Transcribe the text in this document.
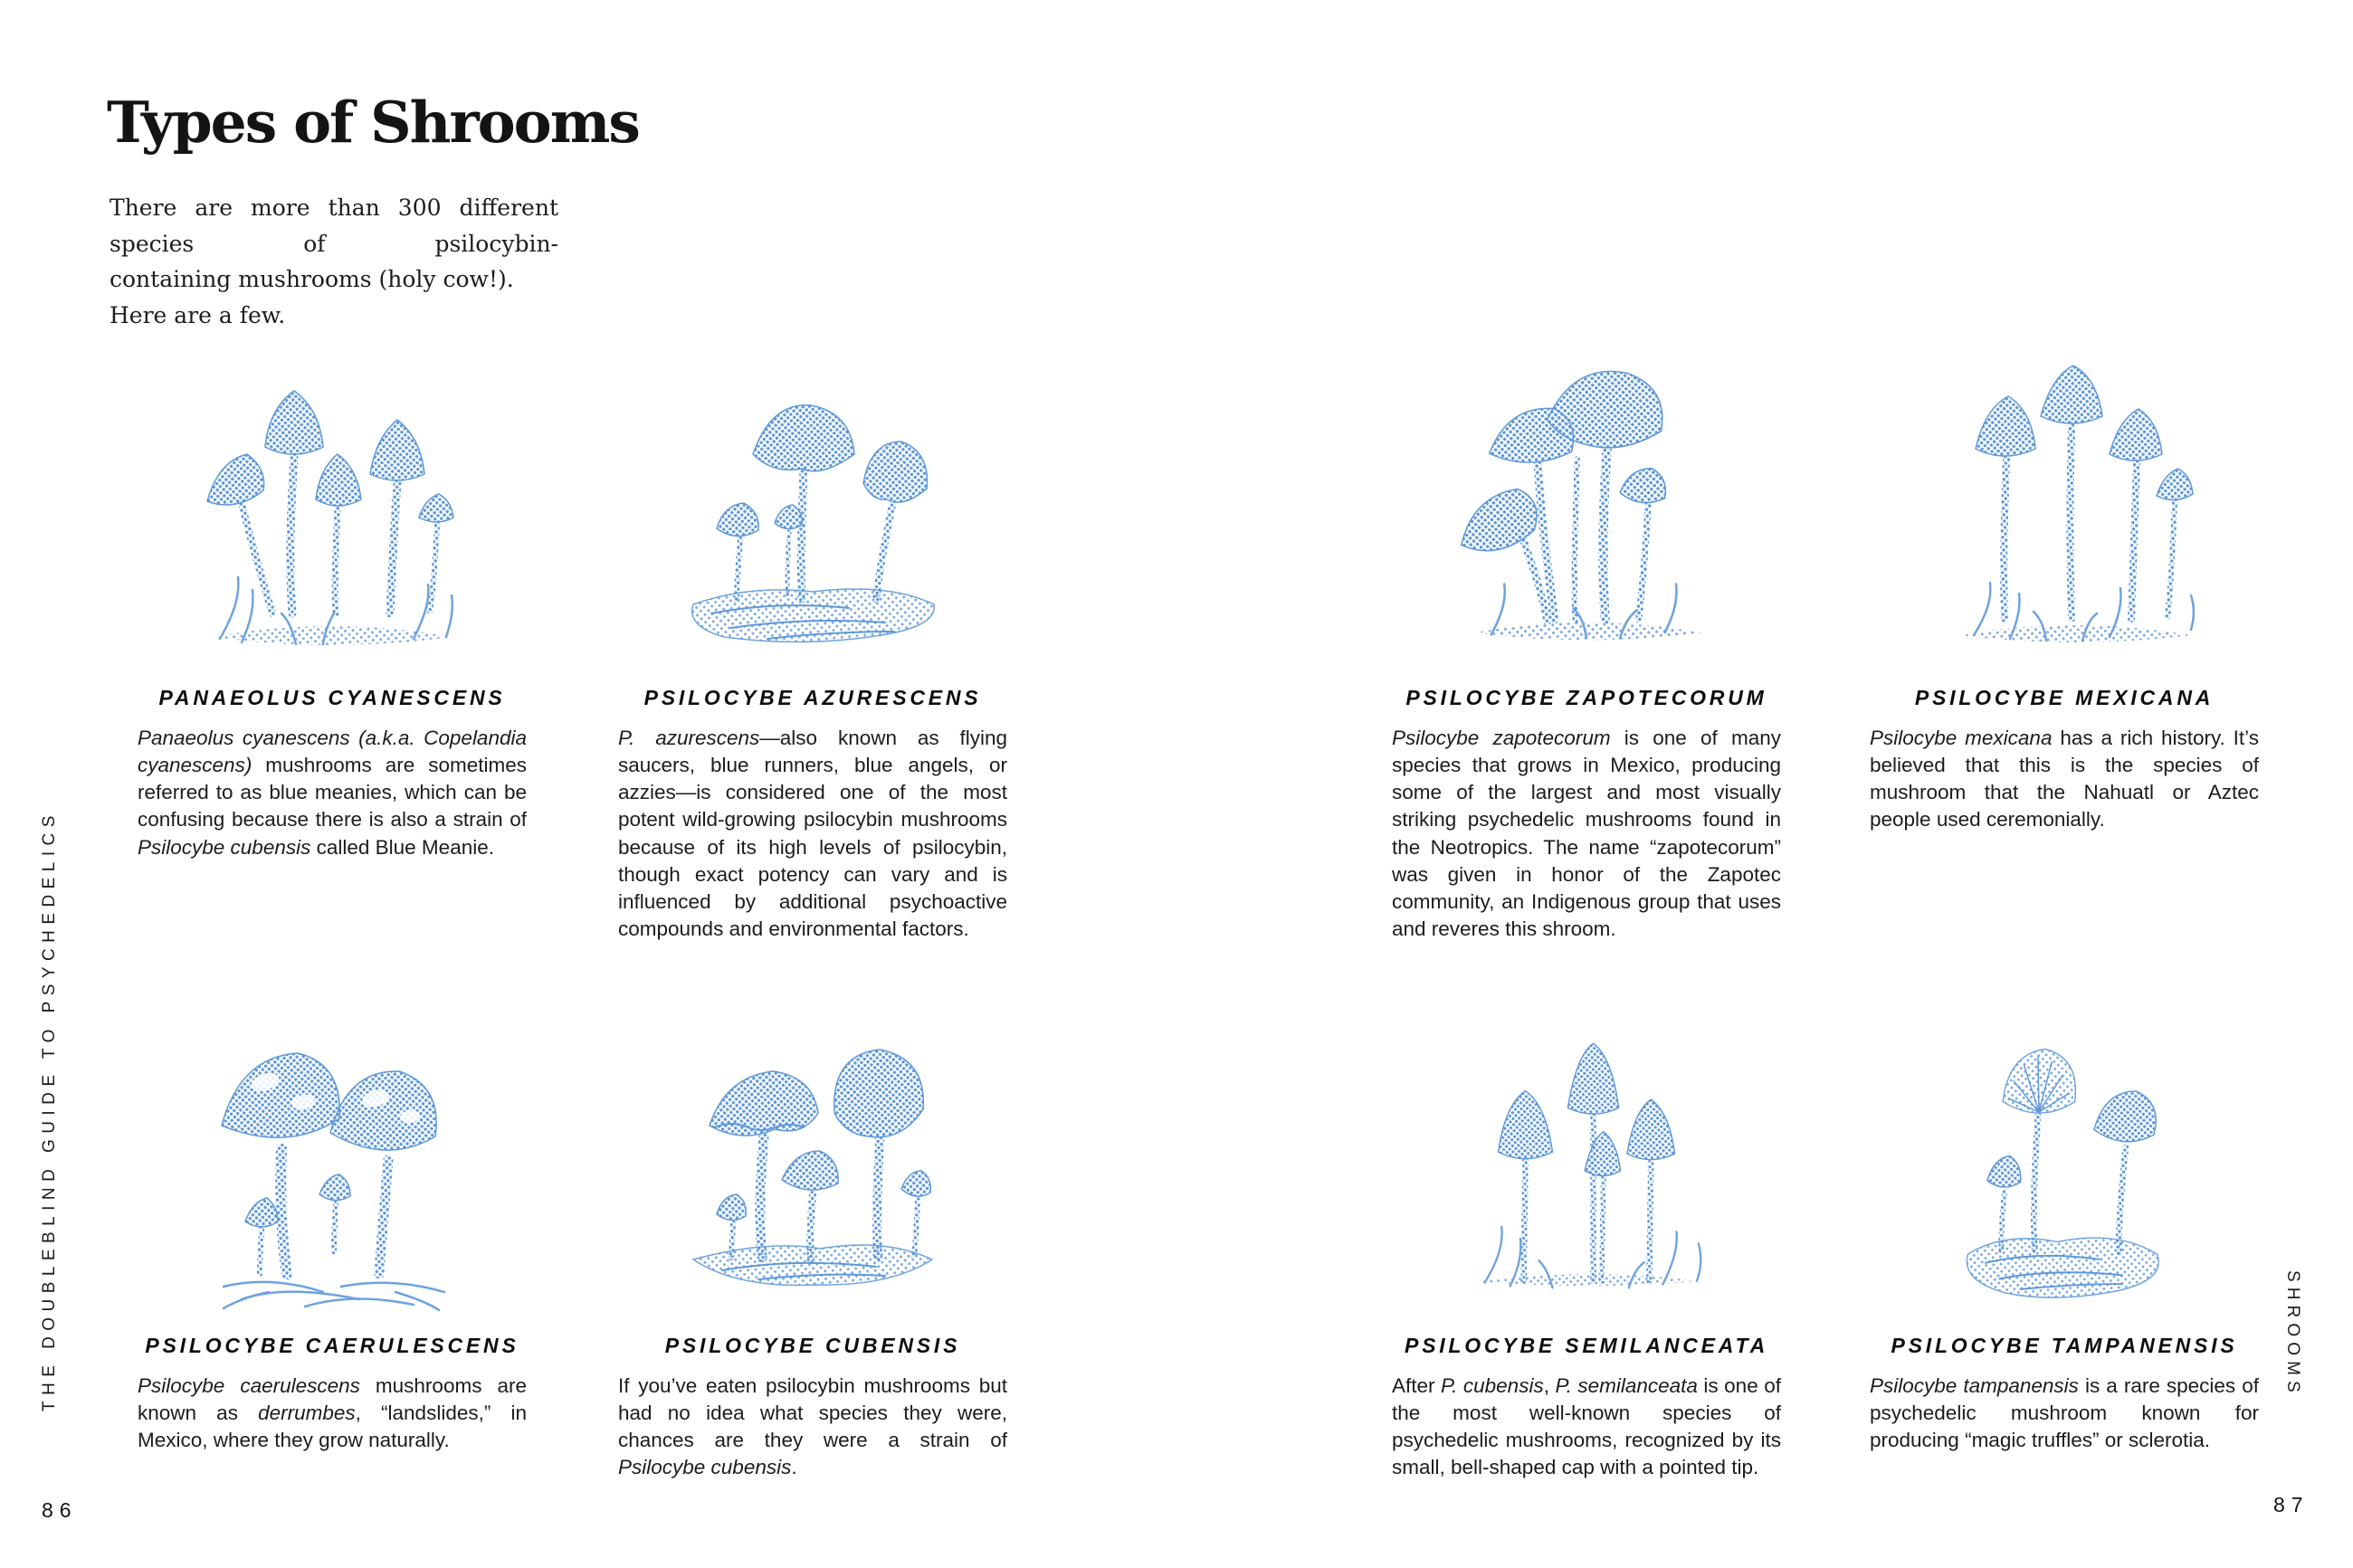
Types of Shrooms
There are more than 300 different species of psilocybin-
containing mushrooms (holy cow!). Here are a few.
PANAEOLUS CYANESCENS
Panaeolus cyanescens (a.k.a. Copelandia cyanescens) mushrooms are sometimes referred to as blue meanies, which can be confusing because there is also a strain of Psilocybe cubensis called Blue Meanie.
PSILOCYBE AZURESCENS
P. azurescens—also known as flying saucers, blue runners, blue angels, or azzies—is considered one of the most potent wild-growing psilocybin mushrooms because of its high levels of psilocybin, though exact potency can vary and is influenced by additional psychoactive compounds and environmental factors.
PSILOCYBE ZAPOTECORUM
Psilocybe zapotecorum is one of many species that grows in Mexico, producing some of the largest and most visually striking psychedelic mushrooms found in the Neotropics. The name “zapotecorum” was given in honor of the Zapotec community, an Indigenous group that uses and reveres this shroom.
PSILOCYBE MEXICANA
Psilocybe mexicana has a rich history. It’s believed that this is the species of mushroom that the Nahuatl or Aztec people used ceremonially.
PSILOCYBE CAERULESCENS
Psilocybe caerulescens mushrooms are known as derrumbes, “landslides,” in Mexico, where they grow naturally.
PSILOCYBE CUBENSIS
If you’ve eaten psilocybin mushrooms but had no idea what species they were, chances are they were a strain of Psilocybe cubensis.
PSILOCYBE SEMILANCEATA
After P. cubensis, P. semilanceata is one of the most well-known species of psychedelic mushrooms, recognized by its small, bell-shaped cap with a pointed tip.
PSILOCYBE TAMPANENSIS
Psilocybe tampanensis is a rare species of psychedelic mushroom known for producing “magic truffles” or sclerotia.
THE DOUBLEBLIND GUIDE TO PSYCHEDELICS	SHROOMS
86	87
